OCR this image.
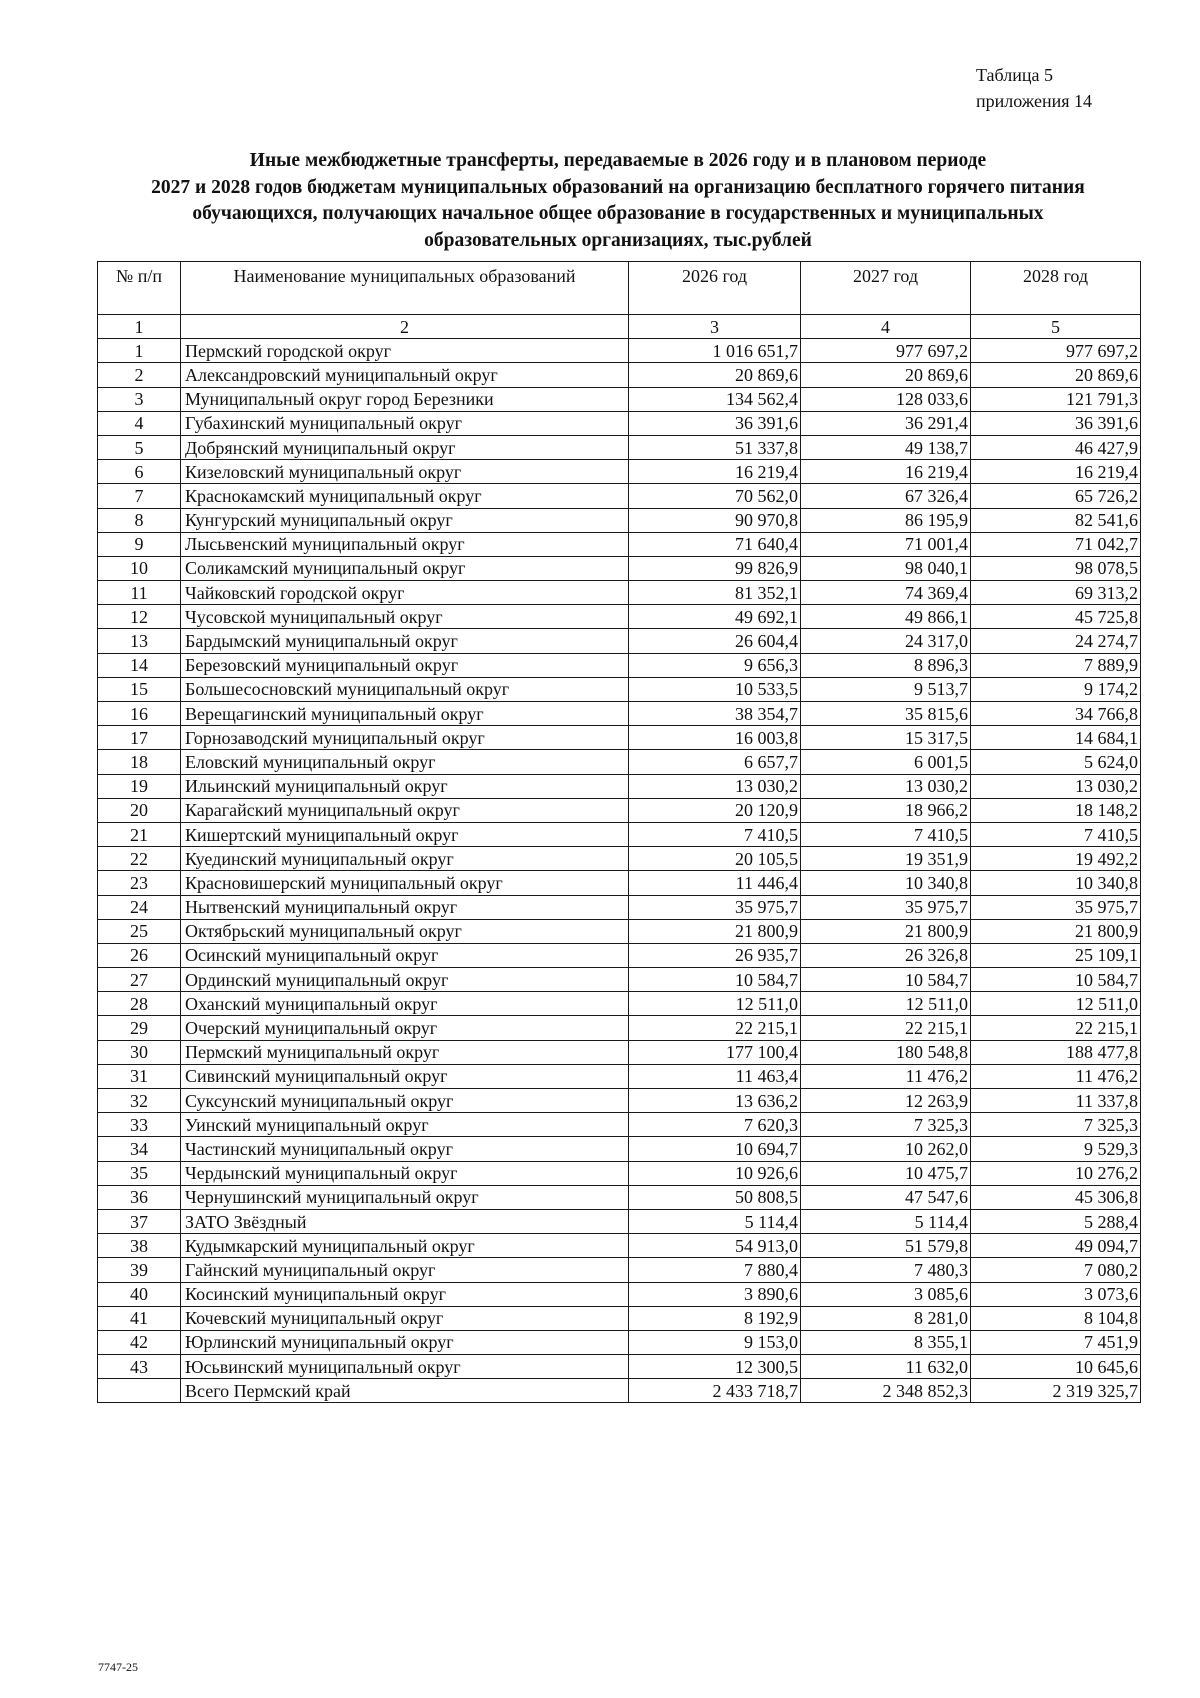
Таблица 5
приложения 14
Иные межбюджетные трансферты, передаваемые в 2026 году и в плановом периоде
2027 и 2028 годов бюджетам муниципальных образований на организацию бесплатного горячего питания
обучающихся, получающих начальное общее образование в государственных и муниципальных
образовательных организациях, тыс.рублей
№ п/п	Наименование муниципальных образований	2026 год	2027 год	2028 год
1	2	3	4	5
1	Пермский городской округ	1 016 651,7	977 697,2	977 697,2
2	Александровский муниципальный округ	20 869,6	20 869,6	20 869,6
3	Муниципальный округ город Березники	134 562,4	128 033,6	121 791,3
4	Губахинский муниципальный округ	36 391,6	36 291,4	36 391,6
5	Добрянский муниципальный округ	51 337,8	49 138,7	46 427,9
6	Кизеловский муниципальный округ	16 219,4	16 219,4	16 219,4
7	Краснокамский муниципальный округ	70 562,0	67 326,4	65 726,2
8	Кунгурский муниципальный округ	90 970,8	86 195,9	82 541,6
9	Лысьвенский муниципальный округ	71 640,4	71 001,4	71 042,7
10	Соликамский муниципальный округ	99 826,9	98 040,1	98 078,5
11	Чайковский городской округ	81 352,1	74 369,4	69 313,2
12	Чусовской муниципальный округ	49 692,1	49 866,1	45 725,8
13	Бардымский муниципальный округ	26 604,4	24 317,0	24 274,7
14	Березовский муниципальный округ	9 656,3	8 896,3	7 889,9
15	Большесосновский муниципальный округ	10 533,5	9 513,7	9 174,2
16	Верещагинский муниципальный округ	38 354,7	35 815,6	34 766,8
17	Горнозаводский муниципальный округ	16 003,8	15 317,5	14 684,1
18	Еловский муниципальный округ	6 657,7	6 001,5	5 624,0
19	Ильинский муниципальный округ	13 030,2	13 030,2	13 030,2
20	Карагайский муниципальный округ	20 120,9	18 966,2	18 148,2
21	Кишертский муниципальный округ	7 410,5	7 410,5	7 410,5
22	Куединский муниципальный округ	20 105,5	19 351,9	19 492,2
23	Красновишерский муниципальный округ	11 446,4	10 340,8	10 340,8
24	Нытвенский муниципальный округ	35 975,7	35 975,7	35 975,7
25	Октябрьский муниципальный округ	21 800,9	21 800,9	21 800,9
26	Осинский муниципальный округ	26 935,7	26 326,8	25 109,1
27	Ординский муниципальный округ	10 584,7	10 584,7	10 584,7
28	Оханский муниципальный округ	12 511,0	12 511,0	12 511,0
29	Очерский муниципальный округ	22 215,1	22 215,1	22 215,1
30	Пермский муниципальный округ	177 100,4	180 548,8	188 477,8
31	Сивинский муниципальный округ	11 463,4	11 476,2	11 476,2
32	Суксунский муниципальный округ	13 636,2	12 263,9	11 337,8
33	Уинский муниципальный округ	7 620,3	7 325,3	7 325,3
34	Частинский муниципальный округ	10 694,7	10 262,0	9 529,3
35	Чердынский муниципальный округ	10 926,6	10 475,7	10 276,2
36	Чернушинский муниципальный округ	50 808,5	47 547,6	45 306,8
37	ЗАТО Звёздный	5 114,4	5 114,4	5 288,4
38	Кудымкарский муниципальный округ	54 913,0	51 579,8	49 094,7
39	Гайнский муниципальный округ	7 880,4	7 480,3	7 080,2
40	Косинский муниципальный округ	3 890,6	3 085,6	3 073,6
41	Кочевский муниципальный округ	8 192,9	8 281,0	8 104,8
42	Юрлинский муниципальный округ	9 153,0	8 355,1	7 451,9
43	Юсьвинский муниципальный округ	12 300,5	11 632,0	10 645,6
	Всего Пермский край	2 433 718,7	2 348 852,3	2 319 325,7
7747-25
